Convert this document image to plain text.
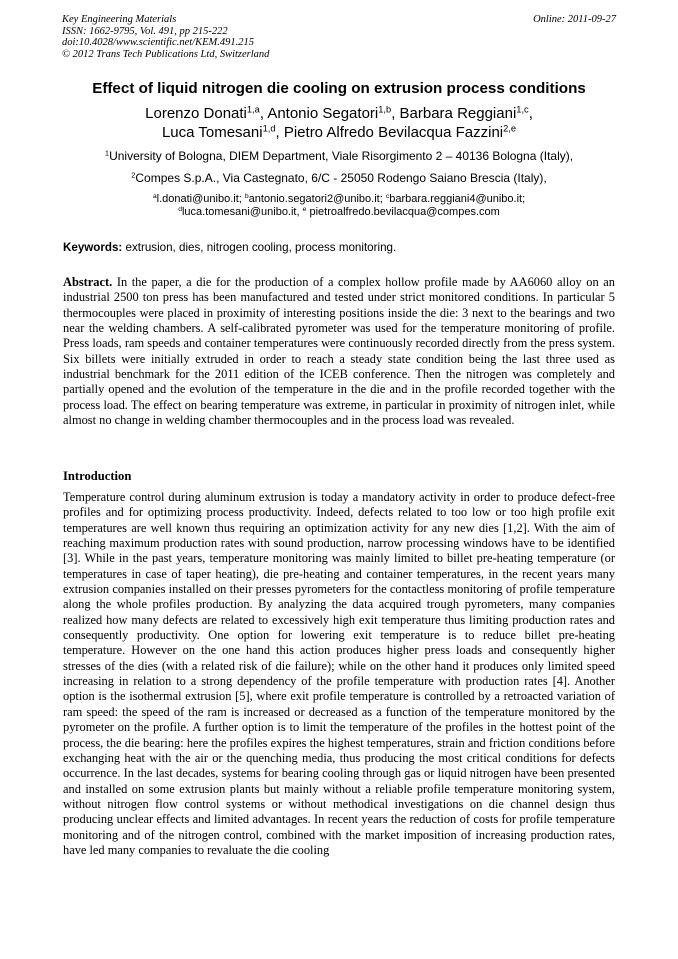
Key Engineering Materials
ISSN: 1662-9795, Vol. 491, pp 215-222
doi:10.4028/www.scientific.net/KEM.491.215
© 2012 Trans Tech Publications Ltd, Switzerland
Online: 2011-09-27
Effect of liquid nitrogen die cooling on extrusion process conditions
Lorenzo Donati$^{1,a}$, Antonio Segatori$^{1,b}$, Barbara Reggiani$^{1,c}$,
Luca Tomesani$^{1,d}$, Pietro Alfredo Bevilacqua Fazzini$^{2,e}$
$^1$University of Bologna, DIEM Department, Viale Risorgimento 2 – 40136 Bologna (Italy),
$^2$Compes S.p.A., Via Castegnato, 6/C - 25050 Rodengo Saiano Brescia (Italy),
$^a$l.donati@unibo.it; $^b$antonio.segatori2@unibo.it; $^c$barbara.reggiani4@unibo.it;
$^d$luca.tomesani@unibo.it, $^e$ pietroalfredo.bevilacqua@compes.com
Keywords: extrusion, dies, nitrogen cooling, process monitoring.
Abstract. In the paper, a die for the production of a complex hollow profile made by AA6060 alloy on an industrial 2500 ton press has been manufactured and tested under strict monitored conditions. In particular 5 thermocouples were placed in proximity of interesting positions inside the die: 3 next to the bearings and two near the welding chambers. A self-calibrated pyrometer was used for the temperature monitoring of profile. Press loads, ram speeds and container temperatures were continuously recorded directly from the press system. Six billets were initially extruded in order to reach a steady state condition being the last three used as industrial benchmark for the 2011 edition of the ICEB conference. Then the nitrogen was completely and partially opened and the evolution of the temperature in the die and in the profile recorded together with the process load. The effect on bearing temperature was extreme, in particular in proximity of nitrogen inlet, while almost no change in welding chamber thermocouples and in the process load was revealed.
Introduction
Temperature control during aluminum extrusion is today a mandatory activity in order to produce defect-free profiles and for optimizing process productivity. Indeed, defects related to too low or too high profile exit temperatures are well known thus requiring an optimization activity for any new dies [1,2]. With the aim of reaching maximum production rates with sound production, narrow processing windows have to be identified [3]. While in the past years, temperature monitoring was mainly limited to billet pre-heating temperature (or temperatures in case of taper heating), die pre-heating and container temperatures, in the recent years many extrusion companies installed on their presses pyrometers for the contactless monitoring of profile temperature along the whole profiles production. By analyzing the data acquired trough pyrometers, many companies realized how many defects are related to excessively high exit temperature thus limiting production rates and consequently productivity. One option for lowering exit temperature is to reduce billet pre-heating temperature. However on the one hand this action produces higher press loads and consequently higher stresses of the dies (with a related risk of die failure); while on the other hand it produces only limited speed increasing in relation to a strong dependency of the profile temperature with production rates [4]. Another option is the isothermal extrusion [5], where exit profile temperature is controlled by a retroacted variation of ram speed: the speed of the ram is increased or decreased as a function of the temperature monitored by the pyrometer on the profile. A further option is to limit the temperature of the profiles in the hottest point of the process, the die bearing: here the profiles expires the highest temperatures, strain and friction conditions before exchanging heat with the air or the quenching media, thus producing the most critical conditions for defects occurrence. In the last decades, systems for bearing cooling through gas or liquid nitrogen have been presented and installed on some extrusion plants but mainly without a reliable profile temperature monitoring system, without nitrogen flow control systems or without methodical investigations on die channel design thus producing unclear effects and limited advantages. In recent years the reduction of costs for profile temperature monitoring and of the nitrogen control, combined with the market imposition of increasing production rates, have led many companies to revaluate the die cooling
